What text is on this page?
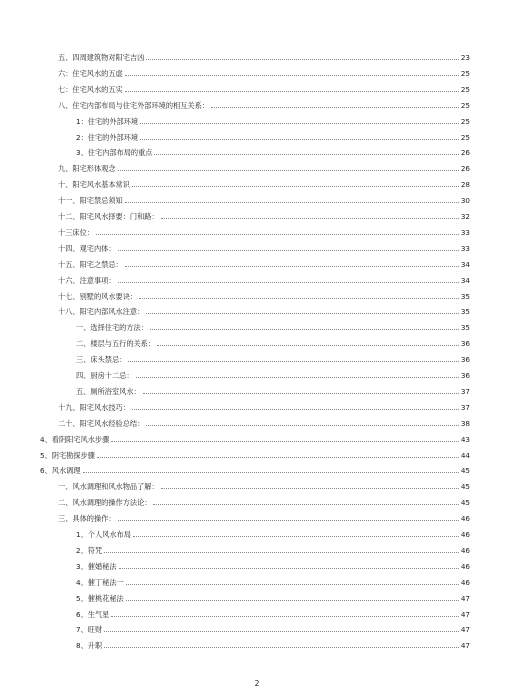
五、四周建筑物对阳宅吉凶	23
六：住宅风水的五虚	25
七：住宅风水的五实	25
八、住宅内部布局与住宅外部环境的相互关系：	25
1：住宅的外部环境	25
2：住宅的外部环境	25
3、住宅内部布局的重点	26
九、阳宅形体观念	26
十、阳宅风水基本常识	28
十一、阳宅禁忌须知	30
十二、阳宅风水择要：门和路：	32
十三床位：	33
十四、观宅内体：	33
十五、阳宅之禁忌：	34
十六、注意事项：	34
十七、别墅的风水要诀：	35
十八、阳宅内部风水注意：	35
一、选择住宅的方法：	35
二、楼层与五行的关系：	36
三、床头禁忌：	36
四、厨房十二忌：	36
五、厕所浴室风水：	37
十九、阳宅风水技巧：	37
二十、阳宅风水经验总结：	38
4、看阴阳宅风水步骤	43
5、阴宅勘探步骤	44
6、风水调理	45
一、风水调理和风水物品了解：	45
二、风水调理的操作方法论：	45
三、具体的操作：	46
1、个人风水布局	46
2、符咒	46
3、催婚秘法	46
4、催丁秘法一	46
5、催桃花秘法	47
6、生气星	47
7、旺财	47
8、升职	47
2
